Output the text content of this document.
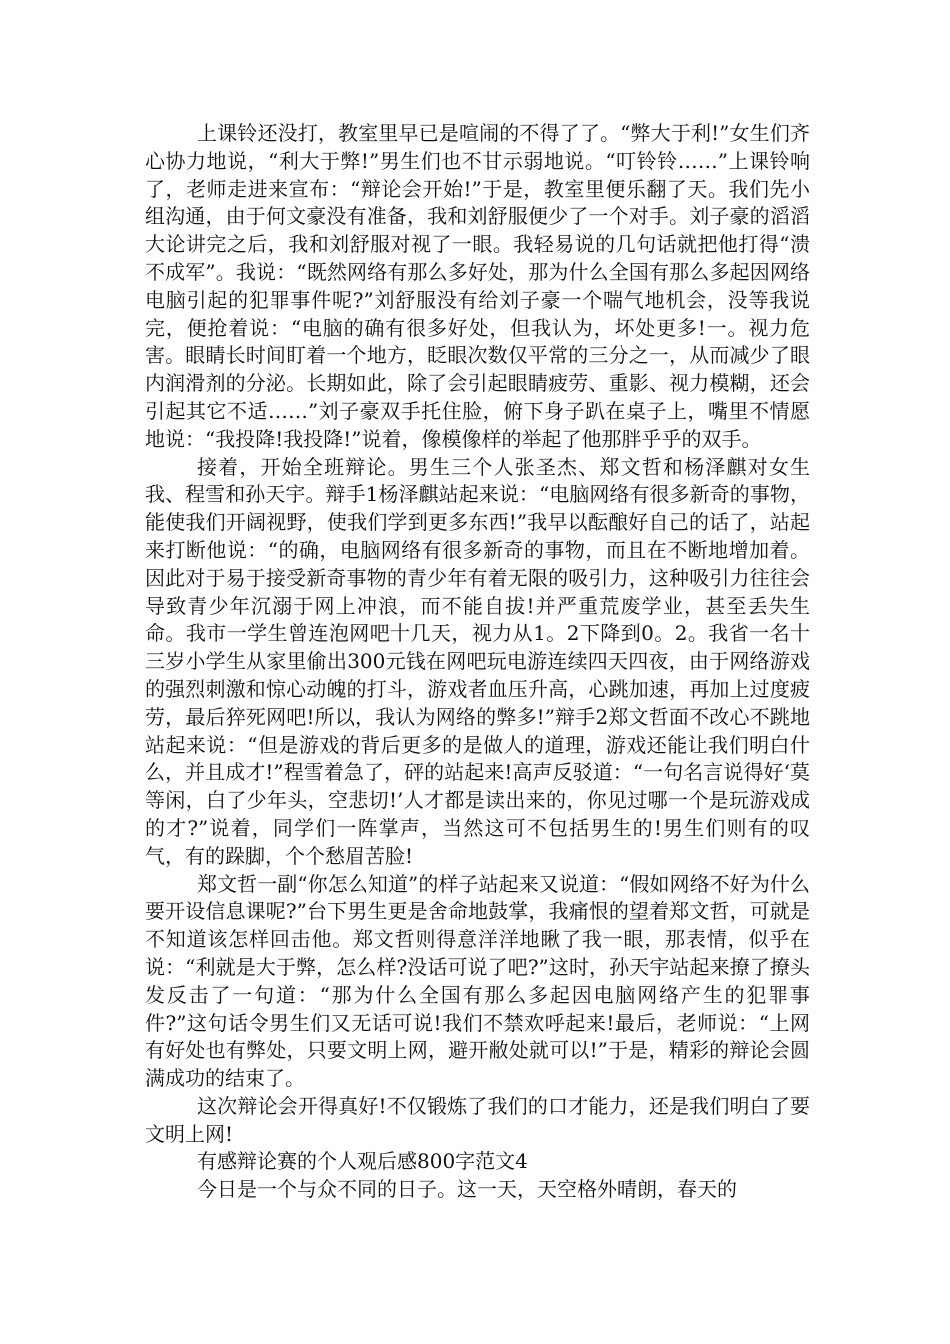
上课铃还没打，教室里早已是喧闹的不得了了。“弊大于利!”女生们齐心协力地说，“利大于弊!”男生们也不甘示弱地说。“叮铃铃……”上课铃响了，老师走进来宣布：“辩论会开始!”于是，教室里便乐翻了天。我们先小组沟通，由于何文豪没有准备，我和刘舒服便少了一个对手。刘子豪的滔滔大论讲完之后，我和刘舒服对视了一眼。我轻易说的几句话就把他打得“溃不成军”。我说：“既然网络有那么多好处，那为什么全国有那么多起因网络电脑引起的犯罪事件呢?”刘舒服没有给刘子豪一个喘气地机会，没等我说完，便抢着说：“电脑的确有很多好处，但我认为，坏处更多!一。视力危害。眼睛长时间盯着一个地方，眨眼次数仅平常的三分之一，从而减少了眼内润滑剂的分泌。长期如此，除了会引起眼睛疲劳、重影、视力模糊，还会引起其它不适……”刘子豪双手托住脸，俯下身子趴在桌子上，嘴里不情愿地说：“我投降!我投降!”说着，像模像样的举起了他那胖乎乎的双手。

接着，开始全班辩论。男生三个人张圣杰、郑文哲和杨泽麒对女生我、程雪和孙天宇。辩手1杨泽麒站起来说：“电脑网络有很多新奇的事物，能使我们开阔视野，使我们学到更多东西!”我早以酝酿好自己的话了，站起来打断他说：“的确，电脑网络有很多新奇的事物，而且在不断地增加着。因此对于易于接受新奇事物的青少年有着无限的吸引力，这种吸引力往往会导致青少年沉溺于网上冲浪，而不能自拔!并严重荒废学业，甚至丢失生命。我市一学生曾连泡网吧十几天，视力从1。2下降到0。2。我省一名十三岁小学生从家里偷出300元钱在网吧玩电游连续四天四夜，由于网络游戏的强烈刺激和惊心动魄的打斗，游戏者血压升高，心跳加速，再加上过度疲劳，最后猝死网吧!所以，我认为网络的弊多!”辩手2郑文哲面不改心不跳地站起来说：“但是游戏的背后更多的是做人的道理，游戏还能让我们明白什么，并且成才!”程雪着急了，砰的站起来!高声反驳道：“一句名言说得好‘莫等闲，白了少年头，空悲切!’人才都是读出来的，你见过哪一个是玩游戏成的才?”说着，同学们一阵掌声，当然这可不包括男生的!男生们则有的叹气，有的跺脚，个个愁眉苦脸!

郑文哲一副“你怎么知道”的样子站起来又说道：“假如网络不好为什么要开设信息课呢?”台下男生更是舍命地鼓掌，我痛恨的望着郑文哲，可就是不知道该怎样回击他。郑文哲则得意洋洋地瞅了我一眼，那表情，似乎在说：“利就是大于弊，怎么样?没话可说了吧?”这时，孙天宇站起来撩了撩头发反击了一句道：“那为什么全国有那么多起因电脑网络产生的犯罪事件?”这句话令男生们又无话可说!我们不禁欢呼起来!最后，老师说：“上网有好处也有弊处，只要文明上网，避开敝处就可以!”于是，精彩的辩论会圆满成功的结束了。

这次辩论会开得真好!不仅锻炼了我们的口才能力，还是我们明白了要文明上网!

有感辩论赛的个人观后感800字范文4

今日是一个与众不同的日子。这一天，天空格外晴朗，春天的
